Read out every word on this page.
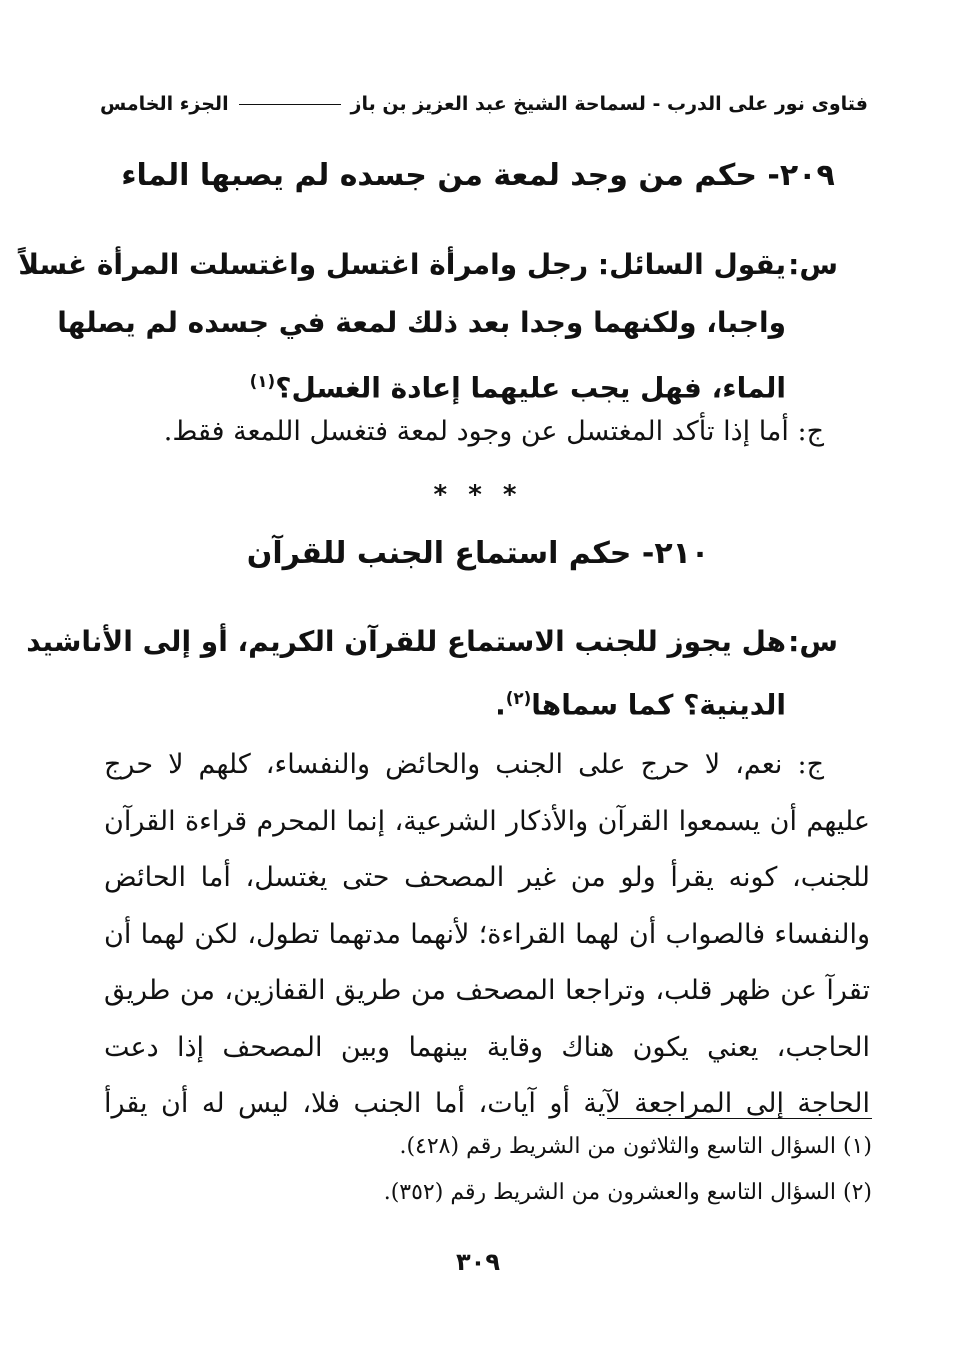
فتاوى نور على الدرب - لسماحة الشيخ عبد العزيز بن باز
الجزء الخامس
٢٠٩- حكم من وجد لمعة من جسده لم يصبها الماء
س:
يقول السائل: رجل وامرأة اغتسل واغتسلت المرأة غسلاً
واجبا، ولكنهما وجدا بعد ذلك لمعة في جسده لم يصلها
الماء، فهل يجب عليهما إعادة الغسل؟$^{(١)}$
ج: أما إذا تأكد المغتسل عن وجود لمعة فتغسل اللمعة فقط.
* * *
٢١٠- حكم استماع الجنب للقرآن
س:
هل يجوز للجنب الاستماع للقرآن الكريم، أو إلى الأناشيد
الدينية؟ كما سماها$^{(٢)}$.
ج: نعم، لا حرج على الجنب والحائض والنفساء، كلهم لا حرج
عليهم أن يسمعوا القرآن والأذكار الشرعية، إنما المحرم قراءة القرآن
للجنب، كونه يقرأ ولو من غير المصحف حتى يغتسل، أما الحائض
والنفساء فالصواب أن لهما القراءة؛ لأنهما مدتهما تطول، لكن لهما أن
تقرآ عن ظهر قلب، وتراجعا المصحف من طريق القفازين، من طريق
الحاجب، يعني يكون هناك وقاية بينهما وبين المصحف إذا دعت
الحاجة إلى المراجعة لآية أو آيات، أما الجنب فلا، ليس له أن يقرأ
(١) السؤال التاسع والثلاثون من الشريط رقم (٤٢٨).
(٢) السؤال التاسع والعشرون من الشريط رقم (٣٥٢).
٣٠٩
